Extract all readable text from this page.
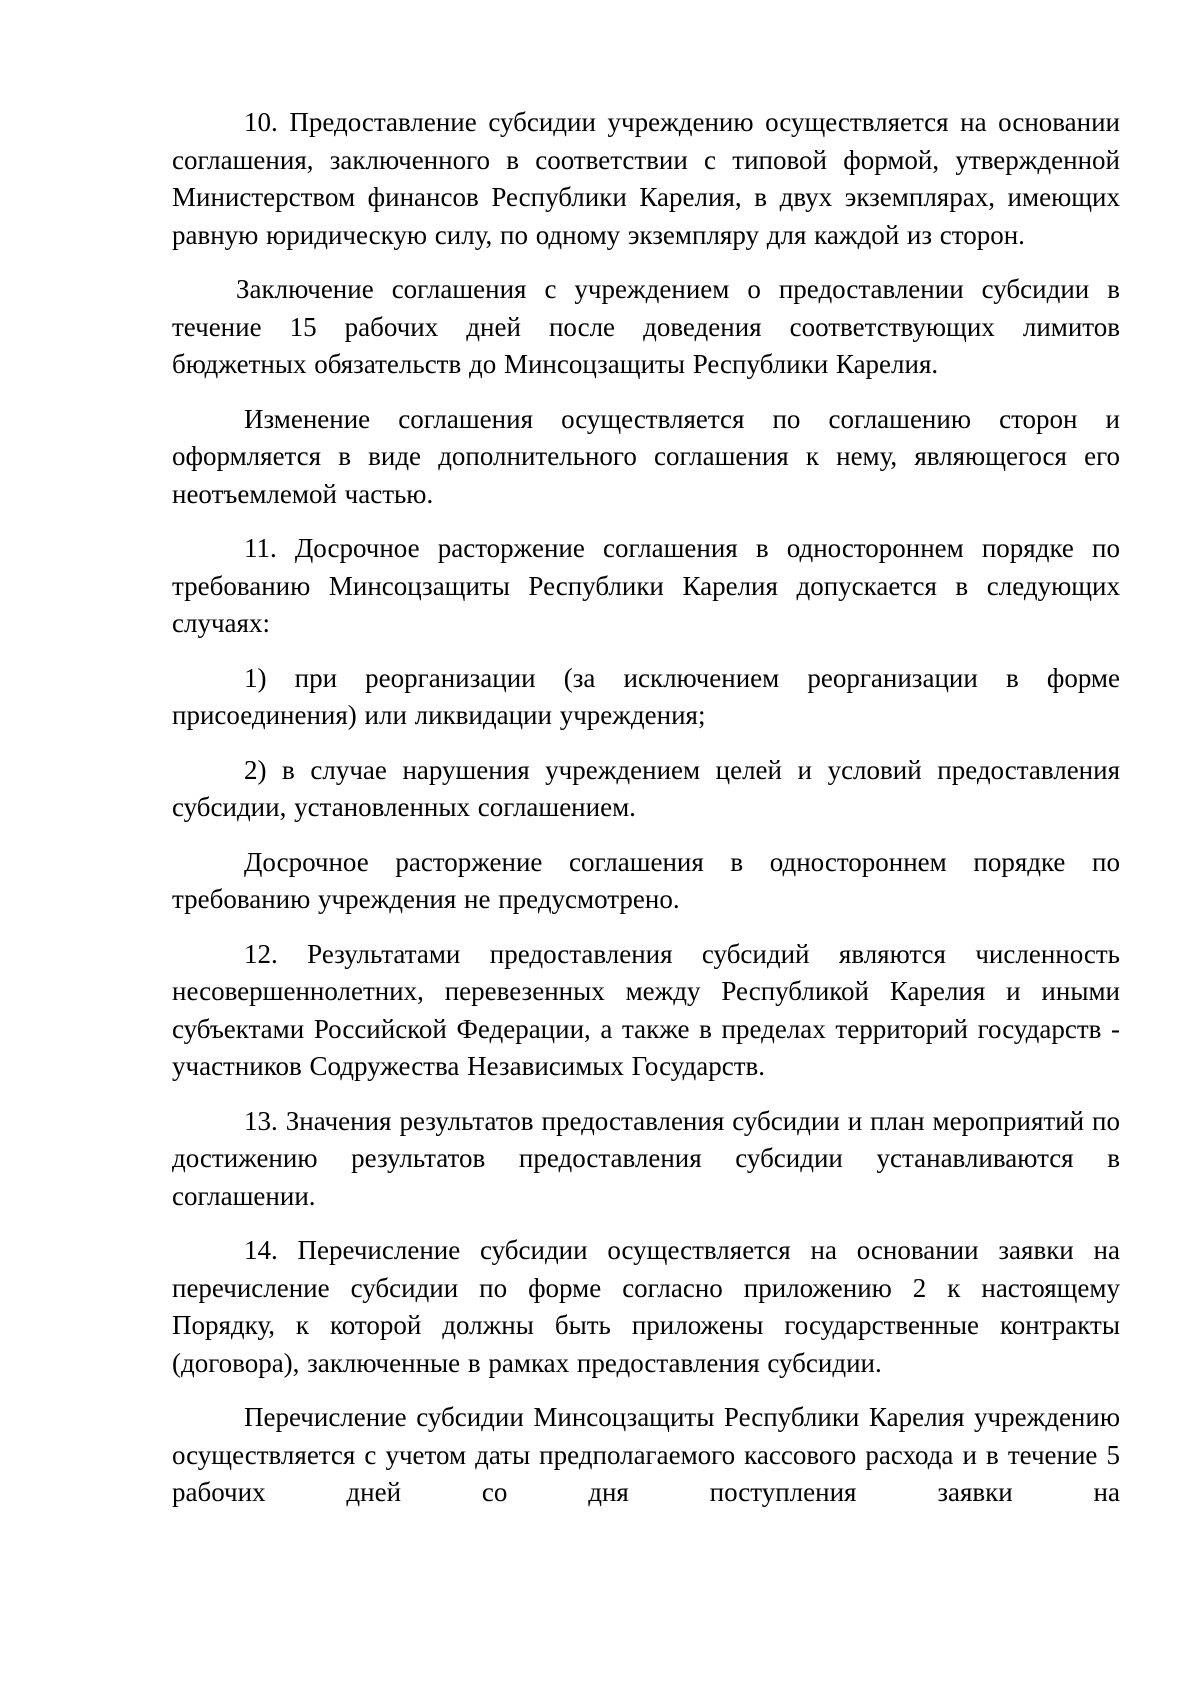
10. Предоставление субсидии учреждению осуществляется на основании соглашения, заключенного в соответствии с типовой формой, утвержденной Министерством финансов Республики Карелия, в двух экземплярах, имеющих равную юридическую силу, по одному экземпляру для каждой из сторон.

Заключение соглашения с учреждением о предоставлении субсидии в течение 15 рабочих дней после доведения соответствующих лимитов бюджетных обязательств до Минсоцзащиты Республики Карелия.

Изменение соглашения осуществляется по соглашению сторон и оформляется в виде дополнительного соглашения к нему, являющегося его неотъемлемой частью.

11. Досрочное расторжение соглашения в одностороннем порядке по требованию Минсоцзащиты Республики Карелия допускается в следующих случаях:

1) при реорганизации (за исключением реорганизации в форме присоединения) или ликвидации учреждения;

2) в случае нарушения учреждением целей и условий предоставления субсидии, установленных соглашением.

Досрочное расторжение соглашения в одностороннем порядке по требованию учреждения не предусмотрено.

12. Результатами предоставления субсидий являются численность несовершеннолетних, перевезенных между Республикой Карелия и иными субъектами Российской Федерации, а также в пределах территорий государств - участников Содружества Независимых Государств.

13. Значения результатов предоставления субсидии и план мероприятий по достижению результатов предоставления субсидии устанавливаются в соглашении.

14. Перечисление субсидии осуществляется на основании заявки на перечисление субсидии по форме согласно приложению 2 к настоящему Порядку, к которой должны быть приложены государственные контракты (договора), заключенные в рамках предоставления субсидии.

Перечисление субсидии Минсоцзащиты Республики Карелия учреждению осуществляется с учетом даты предполагаемого кассового расхода и в течение 5 рабочих дней со дня поступления заявки на
